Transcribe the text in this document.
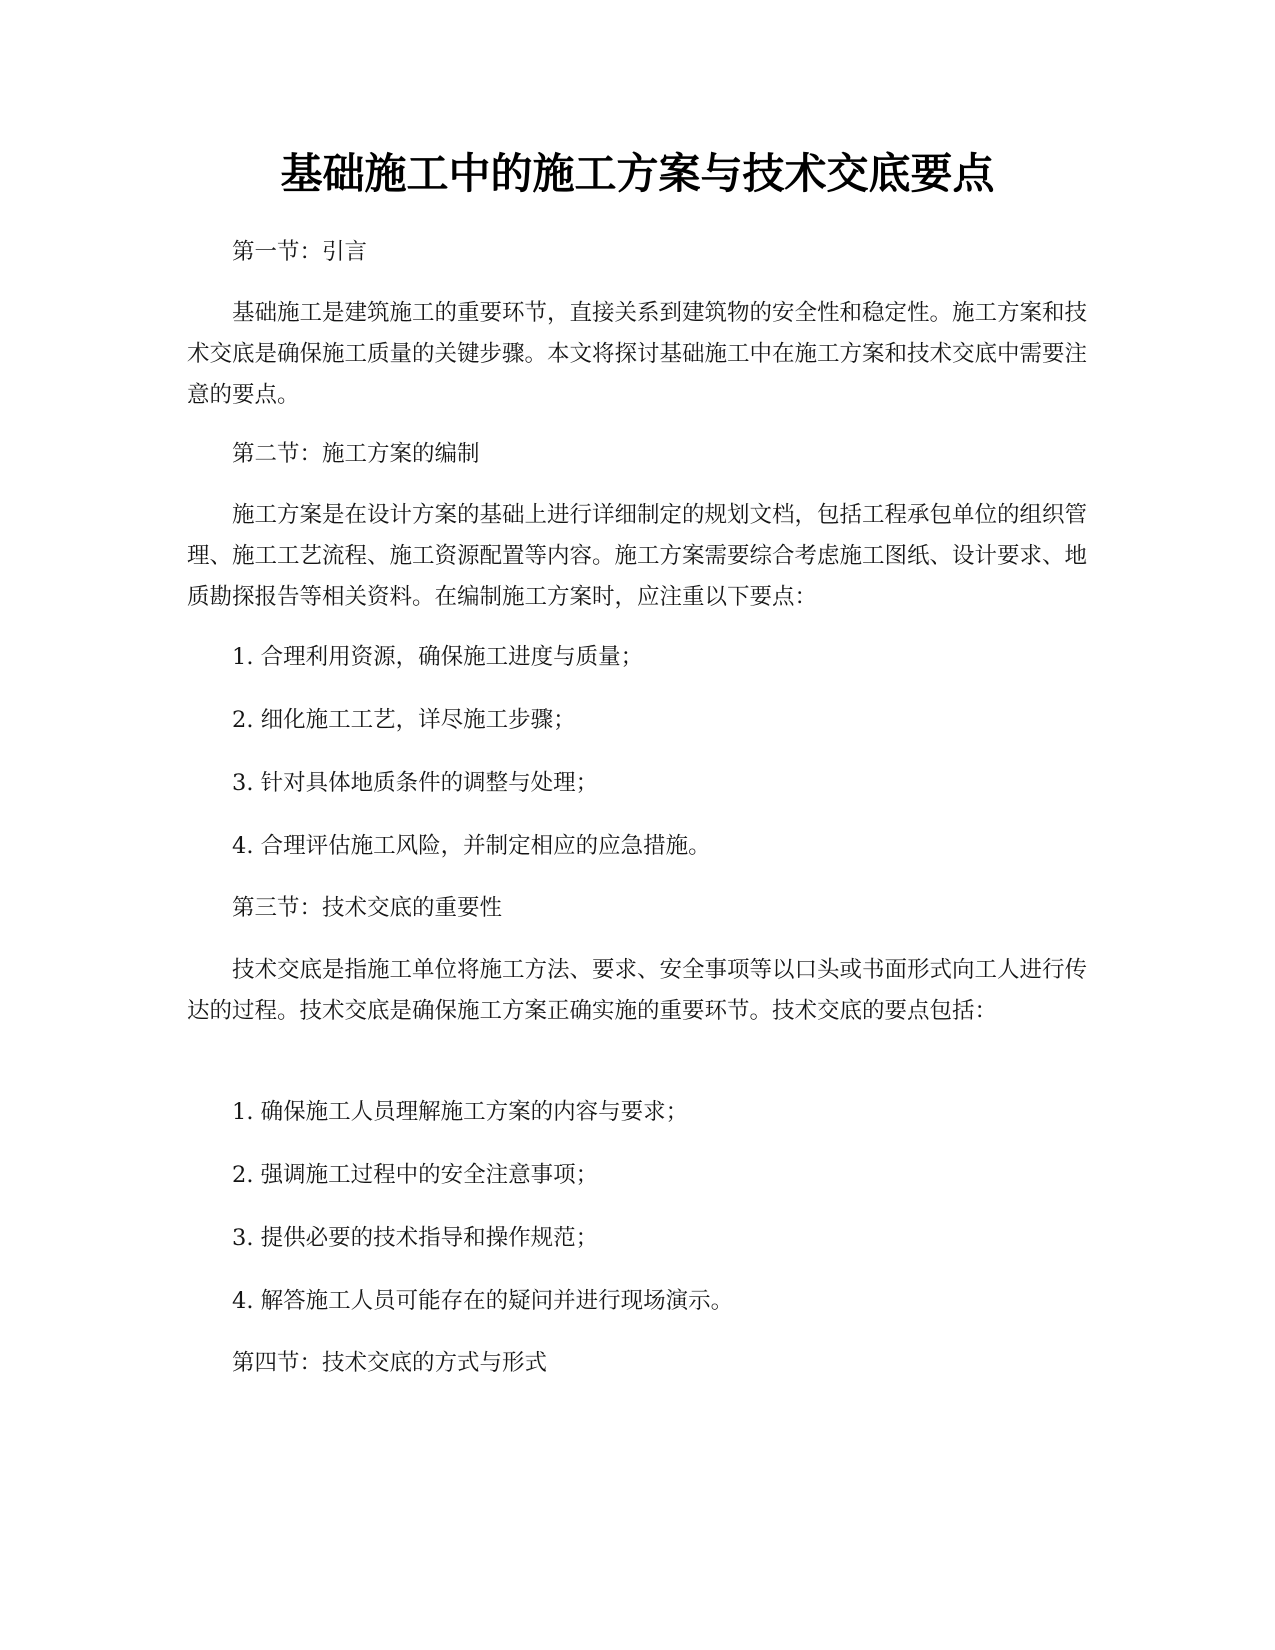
基础施工中的施工方案与技术交底要点

第一节：引言

基础施工是建筑施工的重要环节，直接关系到建筑物的安全性和稳定性。施工方案和技术交底是确保施工质量的关键步骤。本文将探讨基础施工中在施工方案和技术交底中需要注意的要点。

第二节：施工方案的编制

施工方案是在设计方案的基础上进行详细制定的规划文档，包括工程承包单位的组织管理、施工工艺流程、施工资源配置等内容。施工方案需要综合考虑施工图纸、设计要求、地质勘探报告等相关资料。在编制施工方案时，应注重以下要点：

1. 合理利用资源，确保施工进度与质量；

2. 细化施工工艺，详尽施工步骤；

3. 针对具体地质条件的调整与处理；

4. 合理评估施工风险，并制定相应的应急措施。

第三节：技术交底的重要性

技术交底是指施工单位将施工方法、要求、安全事项等以口头或书面形式向工人进行传达的过程。技术交底是确保施工方案正确实施的重要环节。技术交底的要点包括：

1. 确保施工人员理解施工方案的内容与要求；

2. 强调施工过程中的安全注意事项；

3. 提供必要的技术指导和操作规范；

4. 解答施工人员可能存在的疑问并进行现场演示。

第四节：技术交底的方式与形式
